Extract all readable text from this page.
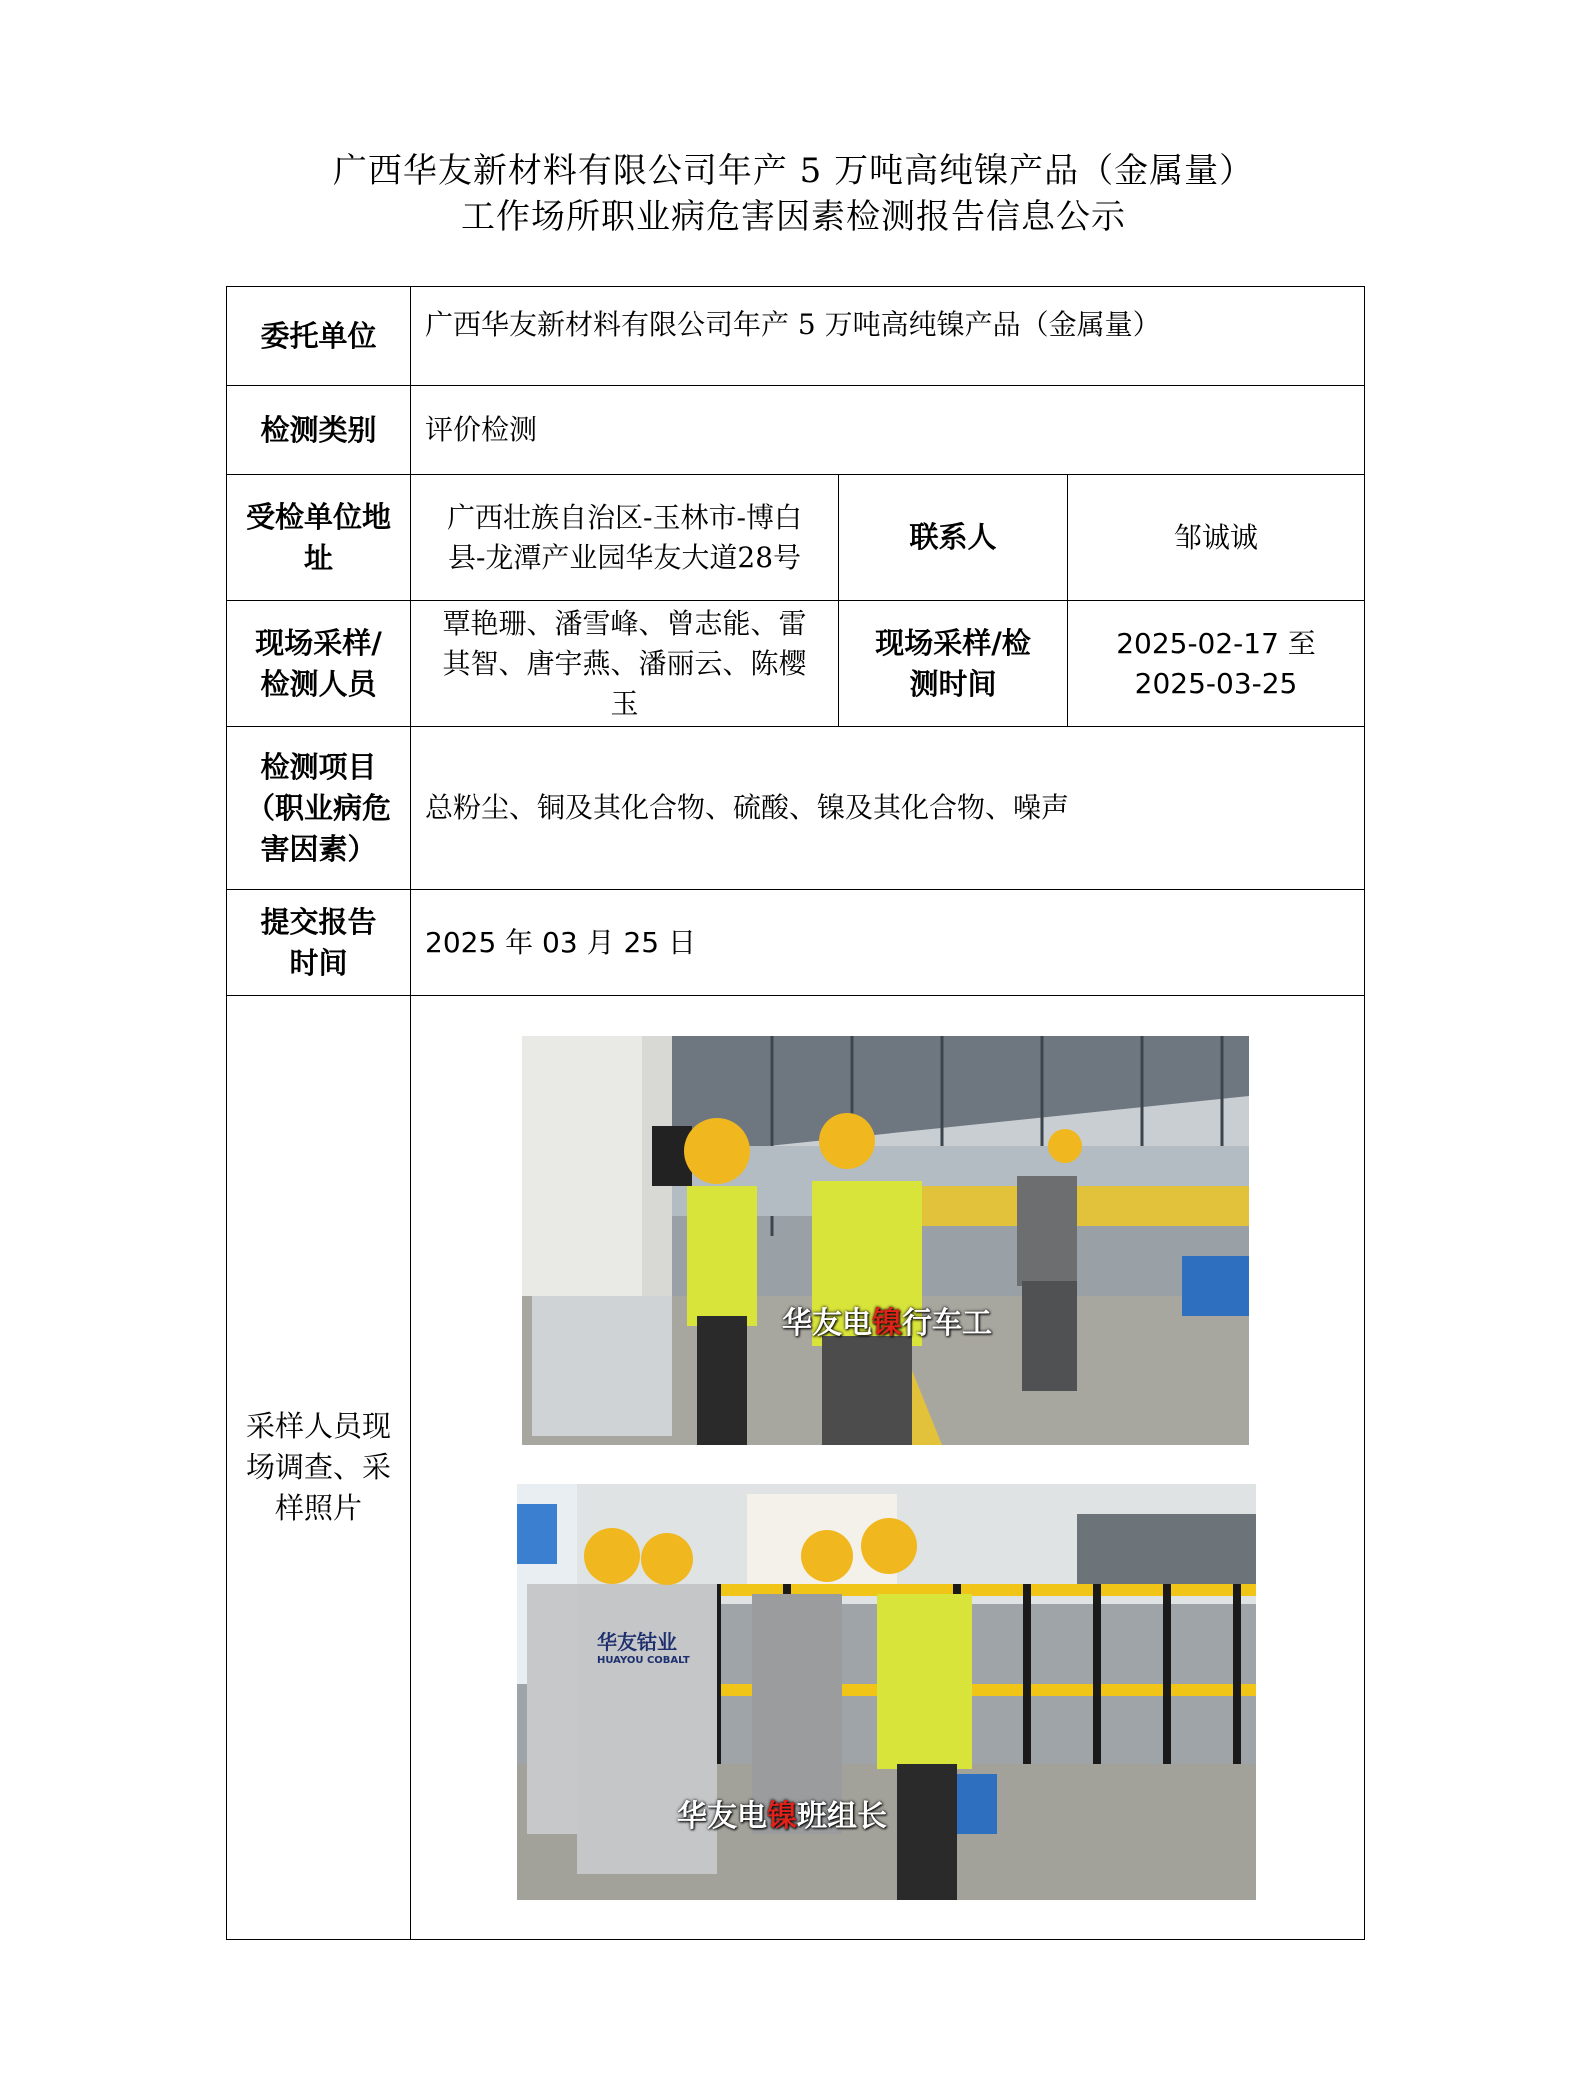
广西华友新材料有限公司年产 5 万吨高纯镍产品（金属量）
工作场所职业病危害因素检测报告信息公示
委托单位	广西华友新材料有限公司年产 5 万吨高纯镍产品（金属量）		
检测类别	评价检测		
受检单位地址	广西壮族自治区-玉林市-博白县-龙潭产业园华友大道28号	联系人	邹诚诚
现场采样/检测人员	覃艳珊、潘雪峰、曾志能、雷其智、唐宇燕、潘丽云、陈樱玉	现场采样/检测时间	2025-02-17 至
2025-03-25

检测项目（职业病危害因素）	总粉尘、铜及其化合物、硫酸、镍及其化合物、噪声		
提交报告时间	2025 年 03 月 25 日		
采样人员现场调查、采样照片			
华友电镍行车工
华友钴业
HUAYOU COBALT
华友电镍班组长
